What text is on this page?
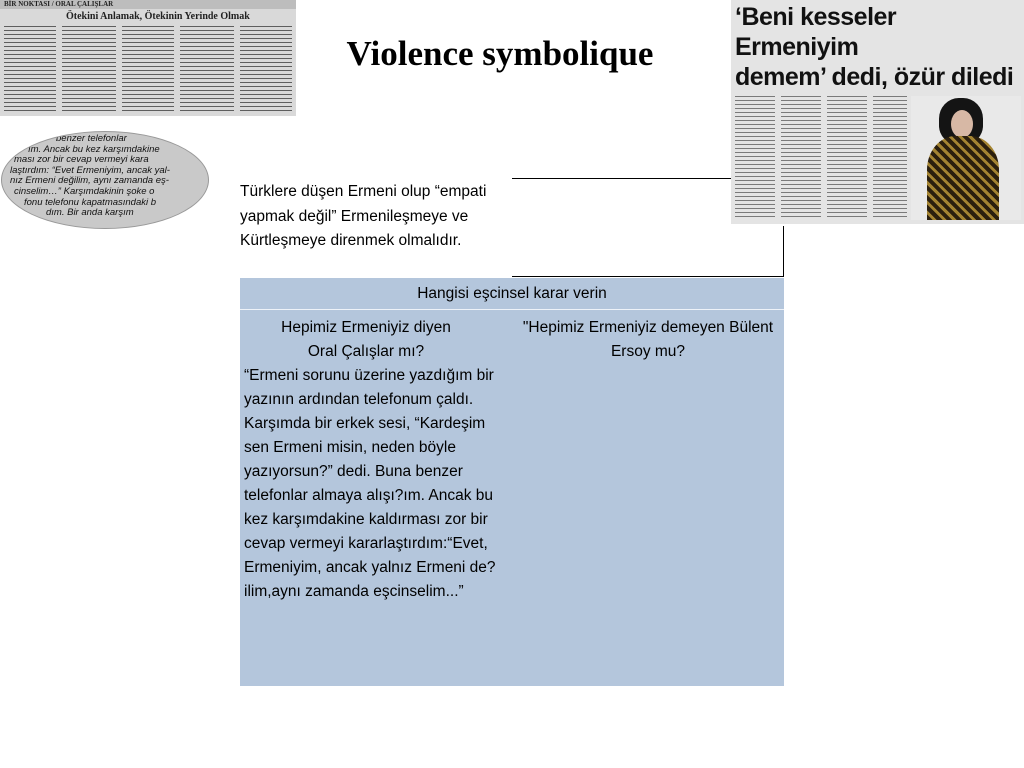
BİR NOKTASI / ORAL ÇALIŞLAR
Ötekini Anlamak, Ötekinin Yerinde Olmak
Violence symbolique
benzer telefonlar
ım. Ancak bu kez karşımdakine
ması zor bir cevap vermeyi kara
laştırdım: “Evet Ermeniyim, ancak yal-
nız Ermeni değilim, aynı zamanda eş-
cinselim…” Karşımdakinin şoke o
fonu telefonu kapatmasındaki b
dım. Bir anda karşım
‘Beni kesseler Ermeniyim
demem’ dedi, özür diledi
Türklere düşen Ermeni olup “empati yapmak değil” Ermenileşmeye ve Kürtleşmeye direnmek olmalıdır.
Hangisi eşcinsel karar verin
Hepimiz Ermeniyiz diyen
Oral Çalışlar mı?
“Ermeni sorunu üzerine yazdığım bir yazının ardından telefonum çaldı. Karşımda bir erkek sesi, “Kardeşim sen Ermeni misin, neden böyle yazıyorsun?” dedi. Buna benzer telefonlar almaya alışı?ım. Ancak bu kez karşımdakine kaldırması zor bir cevap vermeyi kararlaştırdım:“Evet, Ermeniyim, ancak yalnız Ermeni de?ilim,aynı zamanda eşcinselim...”
"Hepimiz Ermeniyiz demeyen Bülent Ersoy mu?
